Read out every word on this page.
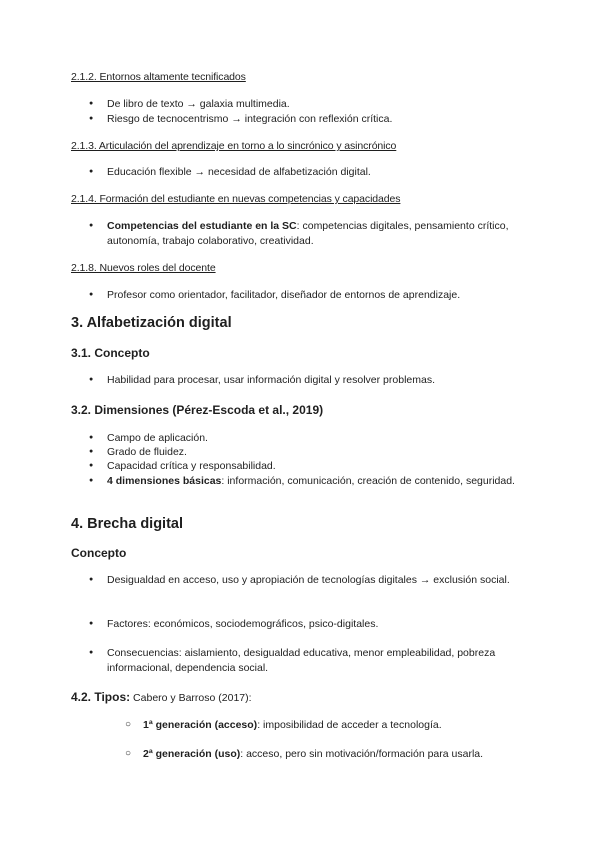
2.1.2. Entornos altamente tecnificados
● De libro de texto → galaxia multimedia.
● Riesgo de tecnocentrismo → integración con reflexión crítica.
2.1.3. Articulación del aprendizaje en torno a lo sincrónico y asincrónico
● Educación flexible → necesidad de alfabetización digital.
2.1.4. Formación del estudiante en nuevas competencias y capacidades
● Competencias del estudiante en la SC: competencias digitales, pensamiento crítico, autonomía, trabajo colaborativo, creatividad.
2.1.8. Nuevos roles del docente
● Profesor como orientador, facilitador, diseñador de entornos de aprendizaje.
3. Alfabetización digital
3.1. Concepto
● Habilidad para procesar, usar información digital y resolver problemas.
3.2. Dimensiones (Pérez-Escoda et al., 2019)
● Campo de aplicación.
● Grado de fluidez.
● Capacidad crítica y responsabilidad.
● 4 dimensiones básicas: información, comunicación, creación de contenido, seguridad.
4. Brecha digital
Concepto
● Desigualdad en acceso, uso y apropiación de tecnologías digitales → exclusión social.
● Factores: económicos, sociodemográficos, psico-digitales.
● Consecuencias: aislamiento, desigualdad educativa, menor empleabilidad, pobreza informacional, dependencia social.
4.2. Tipos: Cabero y Barroso (2017):
○ 1ª generación (acceso): imposibilidad de acceder a tecnología.
○ 2ª generación (uso): acceso, pero sin motivación/formación para usarla.
